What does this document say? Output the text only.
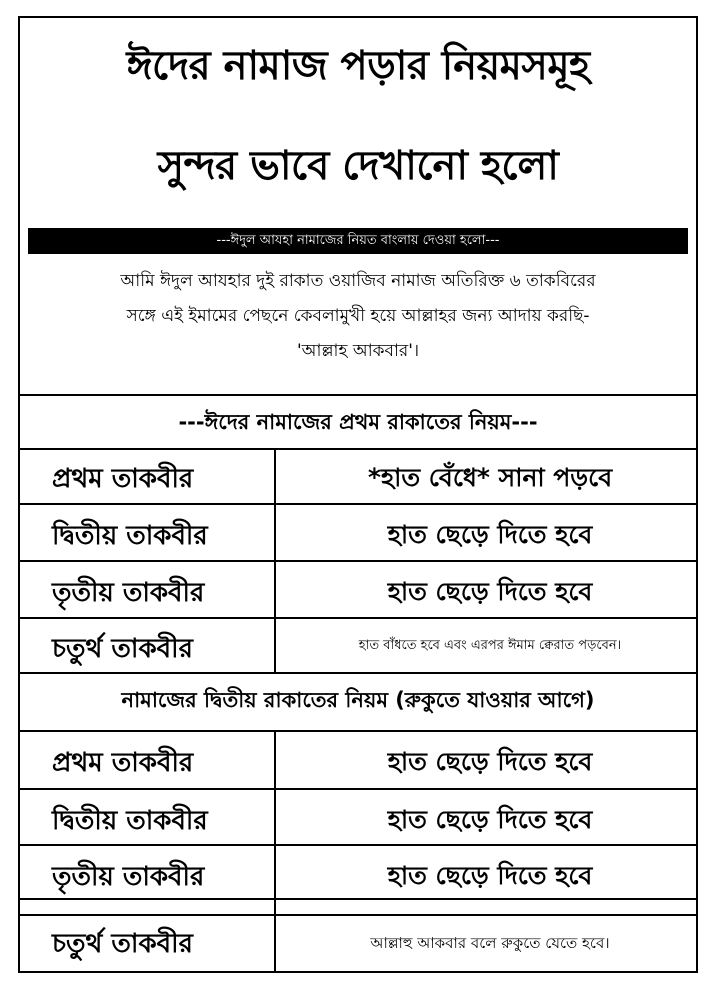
ঈদের নামাজ পড়ার নিয়মসমূহ
সুন্দর ভাবে দেখানো হলো
---ঈদুল আযহা নামাজের নিয়ত বাংলায় দেওয়া হলো---
আমি ঈদুল আযহার দুই রাকাত ওয়াজিব নামাজ অতিরিক্ত ৬ তাকবিরের
সঙ্গে এই ইমামের পেছনে কেবলামুখী হয়ে আল্লাহর জন্য আদায় করছি-
'আল্লাহ আকবার'।
---ঈদের নামাজের প্রথম রাকাতের নিয়ম---
প্রথম তাকবীর	*হাত বেঁধে* সানা পড়বে
দ্বিতীয় তাকবীর	হাত ছেড়ে দিতে হবে
তৃতীয় তাকবীর	হাত ছেড়ে দিতে হবে
চতুর্থ তাকবীর	হাত বাঁধতে হবে এবং এরপর ঈমাম ক্বেরাত পড়বেন।
নামাজের দ্বিতীয় রাকাতের নিয়ম (রুকুতে যাওয়ার আগে)
প্রথম তাকবীর	হাত ছেড়ে দিতে হবে
দ্বিতীয় তাকবীর	হাত ছেড়ে দিতে হবে
তৃতীয় তাকবীর	হাত ছেড়ে দিতে হবে
চতুর্থ তাকবীর	আল্লাহু আকবার বলে রুকুতে যেতে হবে।
